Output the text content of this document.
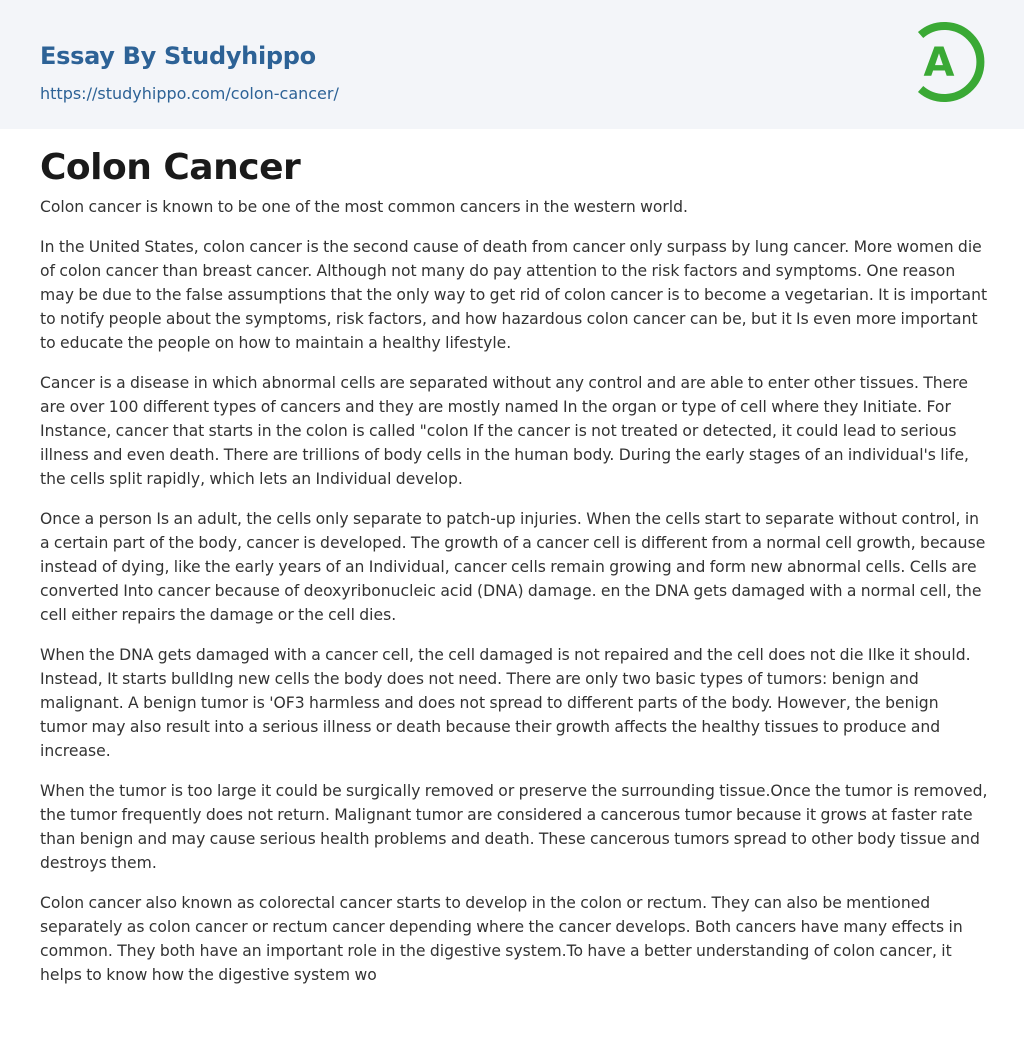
Essay By Studyhippo
https://studyhippo.com/colon-cancer/
A
Colon Cancer

Colon cancer is known to be one of the most common cancers in the western world.

In the United States, colon cancer is the second cause of death from cancer only surpass by lung cancer. More women die of colon cancer than breast cancer. Although not many do pay attention to the risk factors and symptoms. One reason may be due to the false assumptions that the only way to get rid of colon cancer is to become a vegetarian. It is important to notify people about the symptoms, risk factors, and how hazardous colon cancer can be, but it Is even more important to educate the people on how to maintain a healthy lifestyle.

Cancer is a disease in which abnormal cells are separated without any control and are able to enter other tissues. There are over 100 different types of cancers and they are mostly named In the organ or type of cell where they Initiate. For Instance, cancer that starts in the colon is called "colon If the cancer is not treated or detected, it could lead to serious illness and even death. There are trillions of body cells in the human body. During the early stages of an individual's life, the cells split rapidly, which lets an Individual develop.

Once a person Is an adult, the cells only separate to patch-up injuries. When the cells start to separate without control, in a certain part of the body, cancer is developed. The growth of a cancer cell is different from a normal cell growth, because instead of dying, like the early years of an Individual, cancer cells remain growing and form new abnormal cells. Cells are converted Into cancer because of deoxyribonucleic acid (DNA) damage. en the DNA gets damaged with a normal cell, the cell either repairs the damage or the cell dies.

When the DNA gets damaged with a cancer cell, the cell damaged is not repaired and the cell does not die Ilke it should. Instead, It starts bulldIng new cells the body does not need. There are only two basic types of tumors: benign and malignant. A benign tumor is 'OF3 harmless and does not spread to different parts of the body. However, the benign tumor may also result into a serious illness or death because their growth affects the healthy tissues to produce and increase.

When the tumor is too large it could be surgically removed or preserve the surrounding tissue.Once the tumor is removed, the tumor frequently does not return. Malignant tumor are considered a cancerous tumor because it grows at faster rate than benign and may cause serious health problems and death. These cancerous tumors spread to other body tissue and destroys them.

Colon cancer also known as colorectal cancer starts to develop in the colon or rectum. They can also be mentioned separately as colon cancer or rectum cancer depending where the cancer develops. Both cancers have many effects in common. They both have an important role in the digestive system.To have a better understanding of colon cancer, it helps to know how the digestive system wo
